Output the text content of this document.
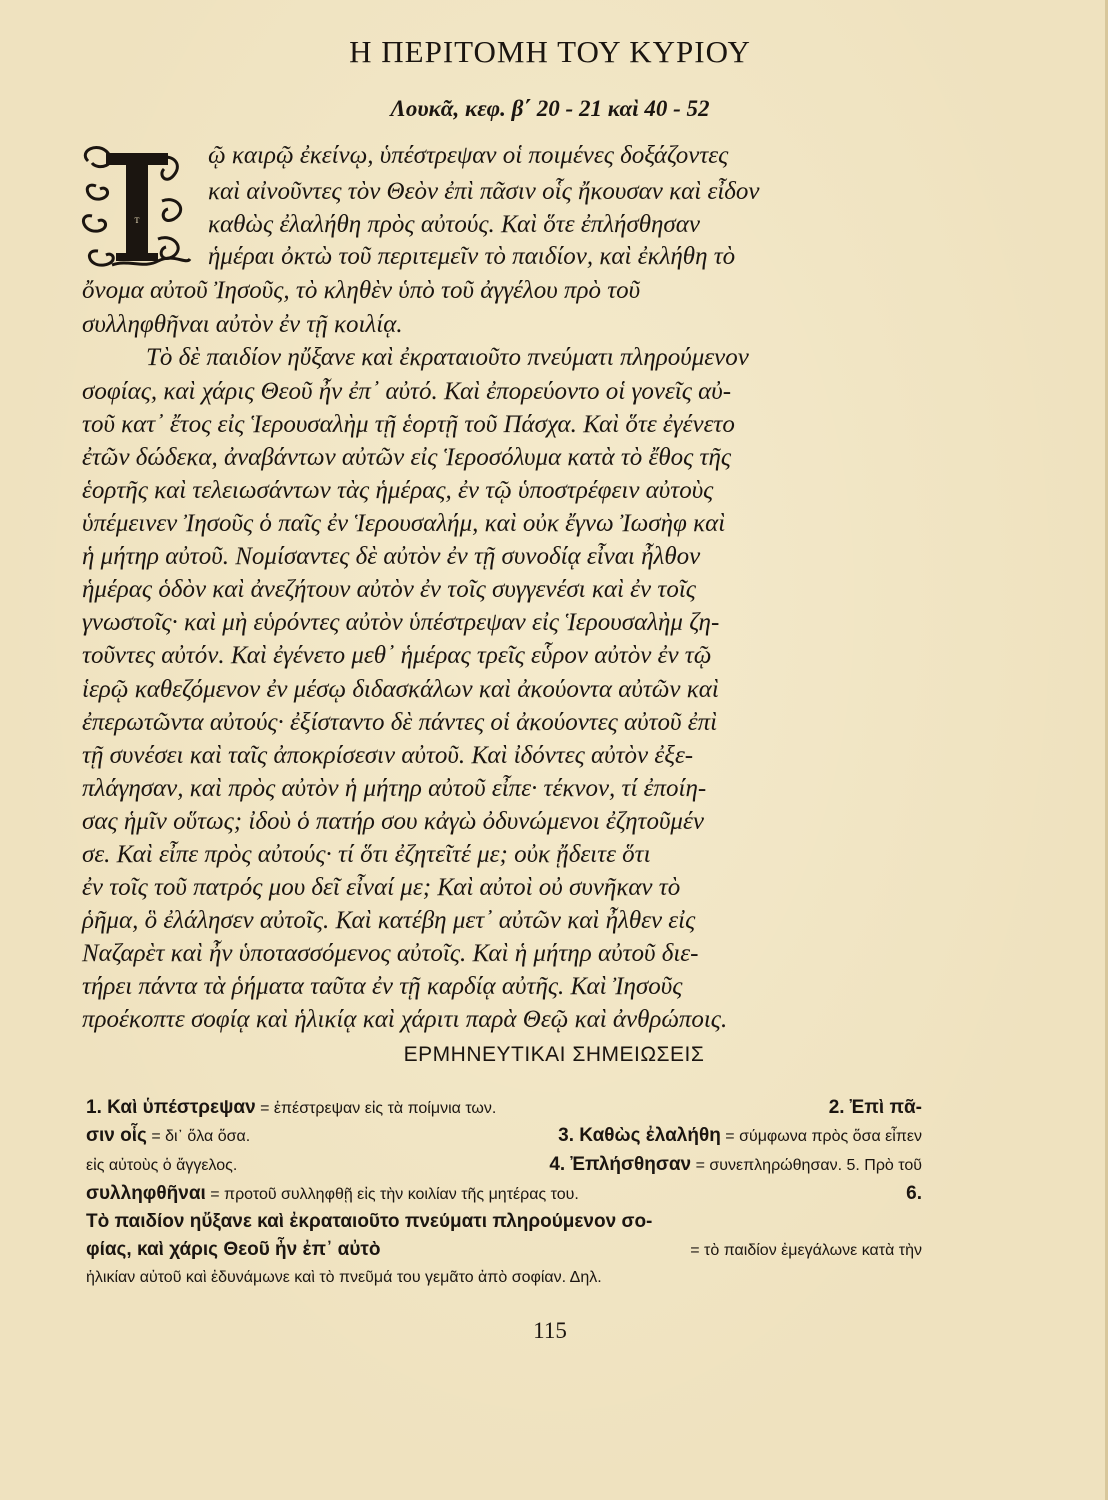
Η ΠΕΡΙΤΟΜΗ ΤΟΥ ΚΥΡΙΟΥ
Λουκᾶ, κεφ. β΄ 20 - 21 καὶ 40 - 52
Τ
ῷ καιρῷ ἐκείνῳ, ὑπέστρεψαν οἱ ποιμένες δοξάζοντες
καὶ αἰνοῦντες τὸν Θεὸν ἐπὶ πᾶσιν οἷς ἤκουσαν καὶ εἶδον
καθὼς ἐλαλήθη πρὸς αὐτούς. Καὶ ὅτε ἐπλήσθησαν
ἡμέραι ὀκτὼ τοῦ περιτεμεῖν τὸ παιδίον, καὶ ἐκλήθη τὸ
ὄνομα αὐτοῦ Ἰησοῦς, τὸ κληθὲν ὑπὸ τοῦ ἀγγέλου πρὸ τοῦ
συλληφθῆναι αὐτὸν ἐν τῇ κοιλίᾳ.
Τὸ δὲ παιδίον ηὔξανε καὶ ἐκραταιοῦτο πνεύματι πληρούμενον
σοφίας, καὶ χάρις Θεοῦ ἦν ἐπ᾽ αὐτό. Καὶ ἐπορεύοντο οἱ γονεῖς αὐ-
τοῦ κατ᾽ ἔτος εἰς Ἱερουσαλὴμ τῇ ἑορτῇ τοῦ Πάσχα. Καὶ ὅτε ἐγένετο
ἐτῶν δώδεκα, ἀναβάντων αὐτῶν εἰς Ἱεροσόλυμα κατὰ τὸ ἔθος τῆς
ἑορτῆς καὶ τελειωσάντων τὰς ἡμέρας, ἐν τῷ ὑποστρέφειν αὐτοὺς
ὑπέμεινεν Ἰησοῦς ὁ παῖς ἐν Ἱερουσαλήμ, καὶ οὐκ ἔγνω Ἰωσὴφ καὶ
ἡ μήτηρ αὐτοῦ. Νομίσαντες δὲ αὐτὸν ἐν τῇ συνοδίᾳ εἶναι ἦλθον
ἡμέρας ὁδὸν καὶ ἀνεζήτουν αὐτὸν ἐν τοῖς συγγενέσι καὶ ἐν τοῖς
γνωστοῖς· καὶ μὴ εὑρόντες αὐτὸν ὑπέστρεψαν εἰς Ἱερουσαλὴμ ζη-
τοῦντες αὐτόν. Καὶ ἐγένετο μεθ᾽ ἡμέρας τρεῖς εὗρον αὐτὸν ἐν τῷ
ἱερῷ καθεζόμενον ἐν μέσῳ διδασκάλων καὶ ἀκούοντα αὐτῶν καὶ
ἐπερωτῶντα αὐτούς· ἐξίσταντο δὲ πάντες οἱ ἀκούοντες αὐτοῦ ἐπὶ
τῇ συνέσει καὶ ταῖς ἀποκρίσεσιν αὐτοῦ. Καὶ ἰδόντες αὐτὸν ἐξε-
πλάγησαν, καὶ πρὸς αὐτὸν ἡ μήτηρ αὐτοῦ εἶπε· τέκνον, τί ἐποίη-
σας ἡμῖν οὕτως; ἰδοὺ ὁ πατήρ σου κἀγὼ ὀδυνώμενοι ἐζητοῦμέν
σε. Καὶ εἶπε πρὸς αὐτούς· τί ὅτι ἐζητεῖτέ με; οὐκ ᾔδειτε ὅτι
ἐν τοῖς τοῦ πατρός μου δεῖ εἶναί με; Καὶ αὐτοὶ οὐ συνῆκαν τὸ
ῥῆμα, ὃ ἐλάλησεν αὐτοῖς. Καὶ κατέβη μετ᾽ αὐτῶν καὶ ἦλθεν εἰς
Ναζαρὲτ καὶ ἦν ὑποτασσόμενος αὐτοῖς. Καὶ ἡ μήτηρ αὐτοῦ διε-
τήρει πάντα τὰ ῥήματα ταῦτα ἐν τῇ καρδίᾳ αὐτῆς. Καὶ Ἰησοῦς
προέκοπτε σοφίᾳ καὶ ἡλικίᾳ καὶ χάριτι παρὰ Θεῷ καὶ ἀνθρώποις.
ΕΡΜΗΝΕΥΤΙΚΑΙ ΣΗΜΕΙΩΣΕΙΣ
1. Καὶ ὑπέστρεψαν = ἐπέστρεψαν εἰς τὰ ποίμνια των.	2. Ἐπὶ πᾶ-
σιν οἷς = δι᾽ ὅλα ὅσα.	3. Καθὼς ἐλαλήθη = σύμφωνα πρὸς ὅσα εἶπεν
εἰς αὐτοὺς ὁ ἄγγελος.	4. Ἐπλήσθησαν = συνεπληρώθησαν. 5. Πρὸ τοῦ
συλληφθῆναι = προτοῦ συλληφθῇ εἰς τὴν κοιλίαν τῆς μητέρας του.	6.
Τὸ παιδίον ηὔξανε καὶ ἐκραταιοῦτο πνεύματι πληρούμενον σο-
φίας, καὶ χάρις Θεοῦ ἦν ἐπ᾽ αὐτὸ	= τὸ παιδίον ἐμεγάλωνε κατὰ τὴν
ἡλικίαν αὐτοῦ καὶ ἐδυνάμωνε καὶ τὸ πνεῦμά του γεμᾶτο ἀπὸ σοφίαν. Δηλ.
115
